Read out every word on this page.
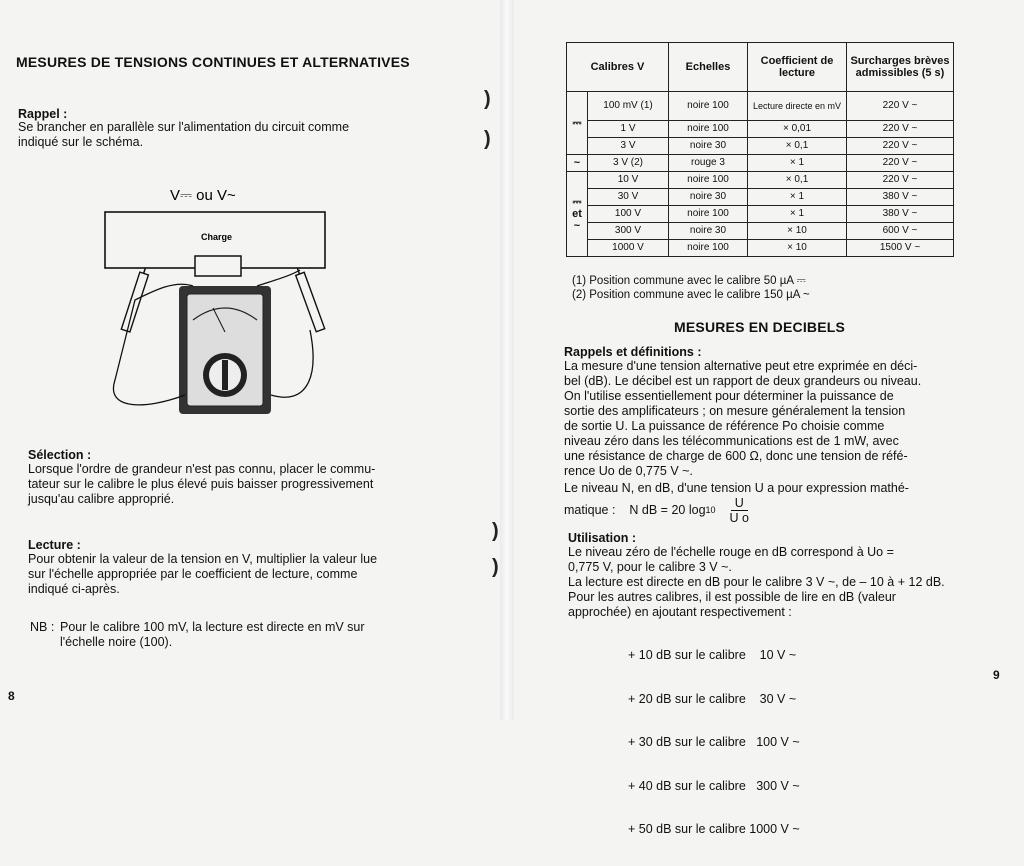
MESURES DE TENSIONS CONTINUES ET ALTERNATIVES
Rappel :
Se brancher en parallèle sur l'alimentation du circuit comme
indiqué sur le schéma.
V⎓ ou V~
Charge
Sélection :
Lorsque l'ordre de grandeur n'est pas connu, placer le commu-
tateur sur le calibre le plus élevé puis baisser progressivement
jusqu'au calibre approprié.
Lecture :
Pour obtenir la valeur de la tension en V, multiplier la valeur lue
sur l'échelle appropriée par le coefficient de lecture, comme
indiqué ci-après.
NB : Pour le calibre 100 mV, la lecture est directe en mV sur
l'échelle noire (100).
8
)
)
)
)
Calibres V		Echelles	Coefficient de lecture	Surcharges brèves admissibles (5 s)
⎓	100 mV (1)	noire 100	Lecture directe en mV	220 V ~
	1 V	noire 100	× 0,01	220 V ~
	3 V	noire 30	× 0,1	220 V ~
~	3 V (2)	rouge 3	× 1	220 V ~
⎓ et ~	10 V	noire 100	× 0,1	220 V ~
	30 V	noire 30	× 1	380 V ~
	100 V	noire 100	× 1	380 V ~
	300 V	noire 30	× 10	600 V ~
	1000 V	noire 100	× 10	1500 V ~
(1) Position commune avec le calibre 50 µA ⎓
(2) Position commune avec le calibre 150 µA ~
MESURES EN DECIBELS
Rappels et définitions :
La mesure d'une tension alternative peut etre exprimée en déci-
bel (dB). Le décibel est un rapport de deux grandeurs ou niveau.
On l'utilise essentiellement pour déterminer la puissance de
sortie des amplificateurs ; on mesure généralement la tension
de sortie U. La puissance de référence Po choisie comme
niveau zéro dans les télécommunications est de 1 mW, avec
une résistance de charge de 600 Ω, donc une tension de réfé-
rence Uo de 0,775 V ~.
Le niveau N, en dB, d'une tension U a pour expression mathé-
matique : N dB = 20 $\log 10 \frac{U}{\text{U o}}$
Utilisation :
Le niveau zéro de l'échelle rouge en dB correspond à Uo =
0,775 V, pour le calibre 3 V ~.
La lecture est directe en dB pour le calibre 3 V ~, de – 10 à + 12 dB.
Pour les autres calibres, il est possible de lire en dB (valeur
approchée) en ajoutant respectivement :

+ 10 dB sur le calibre    10 V ~

+ 20 dB sur le calibre    30 V ~

+ 30 dB sur le calibre   100 V ~

+ 40 dB sur le calibre   300 V ~

+ 50 dB sur le calibre 1000 V ~

9
